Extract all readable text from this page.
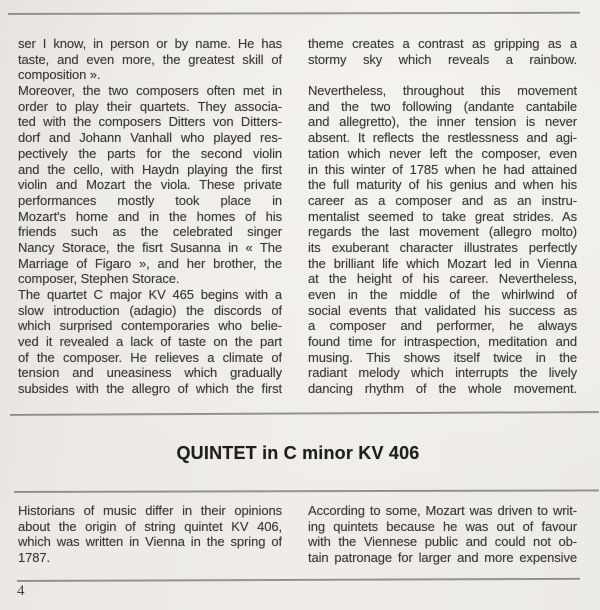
ser I know, in person or by name. He has
taste, and even more, the greatest skill of
composition ».
Moreover, the two composers often met in
order to play their quartets. They associa-
ted with the composers Ditters von Ditters-
dorf and Johann Vanhall who played res-
pectively the parts for the second violin
and the cello, with Haydn playing the first
violin and Mozart the viola. These private
performances mostly took place in
Mozart's home and in the homes of his
friends such as the celebrated singer
Nancy Storace, the fisrt Susanna in « The
Marriage of Figaro », and her brother, the
composer, Stephen Storace.
The quartet C major KV 465 begins with a
slow introduction (adagio) the discords of
which surprised contemporaries who belie-
ved it revealed a lack of taste on the part
of the composer. He relieves a climate of
tension and uneasiness which gradually
subsides with the allegro of which the first
theme creates a contrast as gripping as a
stormy sky which reveals a rainbow.
Nevertheless, throughout this movement
and the two following (andante cantabile
and allegretto), the inner tension is never
absent. It reflects the restlessness and agi-
tation which never left the composer, even
in this winter of 1785 when he had attained
the full maturity of his genius and when his
career as a composer and as an instru-
mentalist seemed to take great strides. As
regards the last movement (allegro molto)
its exuberant character illustrates perfectly
the brilliant life which Mozart led in Vienna
at the height of his career. Nevertheless,
even in the middle of the whirlwind of
social events that validated his success as
a composer and performer, he always
found time for intraspection, meditation and
musing. This shows itself twice in the
radiant melody which interrupts the lively
dancing rhythm of the whole movement.
QUINTET in C minor KV 406
Historians of music differ in their opinions
about the origin of string quintet KV 406,
which was written in Vienna in the spring of
1787.
According to some, Mozart was driven to writ-
ing quintets because he was out of favour
with the Viennese public and could not ob-
tain patronage for larger and more expensive
4
